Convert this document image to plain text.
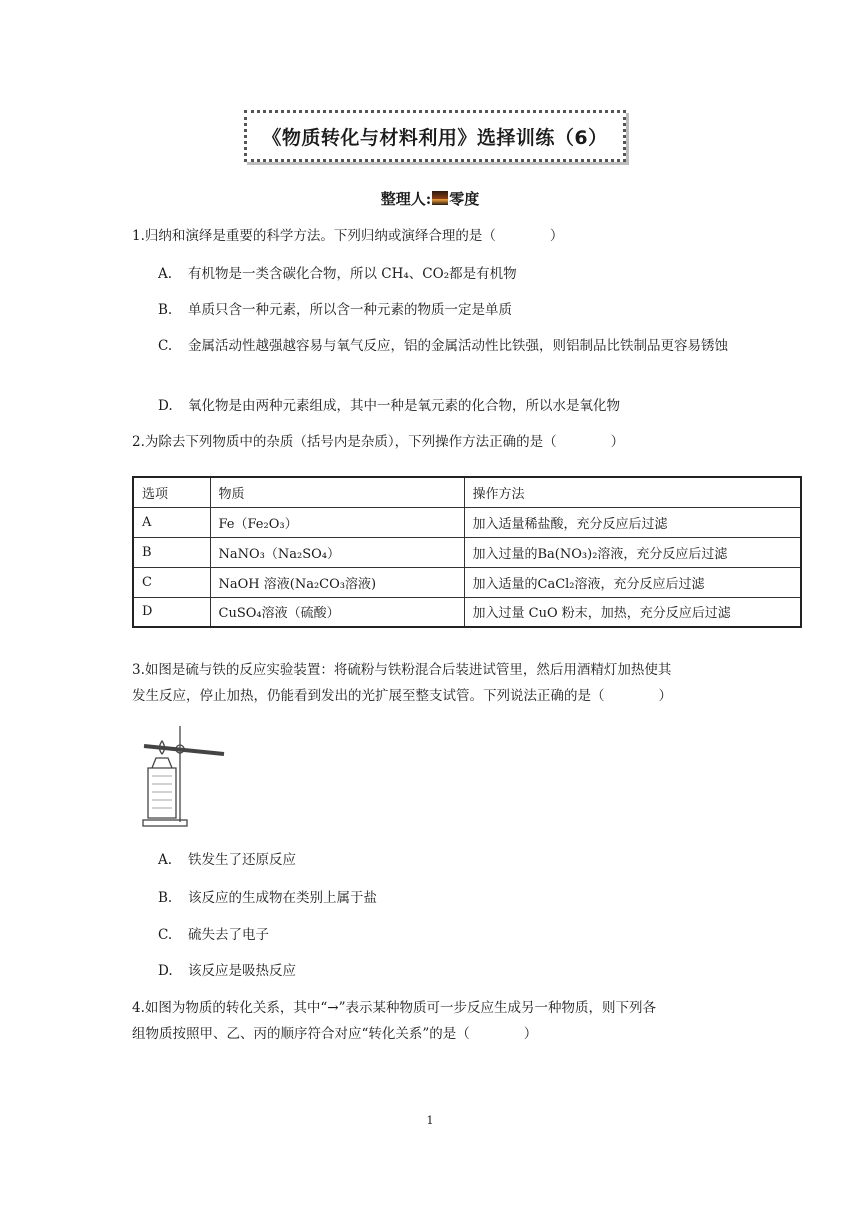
《物质转化与材料利用》选择训练（6）
整理人: 零度
1.归纳和演绎是重要的科学方法。下列归纳或演绎合理的是（　　　　）
A. 有机物是一类含碳化合物，所以 CH₄、CO₂都是有机物
B. 单质只含一种元素，所以含一种元素的物质一定是单质
C. 金属活动性越强越容易与氧气反应，铝的金属活动性比铁强，则铝制品比铁制品更容易锈蚀
D. 氧化物是由两种元素组成，其中一种是氧元素的化合物，所以水是氧化物
2.为除去下列物质中的杂质（括号内是杂质），下列操作方法正确的是（　　　　）
选项	物质	操作方法
A	Fe（Fe₂O₃）	加入适量稀盐酸，充分反应后过滤
B	NaNO₃（Na₂SO₄）	加入过量的Ba(NO₃)₂溶液，充分反应后过滤
C	NaOH 溶液(Na₂CO₃溶液)	加入适量的CaCl₂溶液，充分反应后过滤
D	CuSO₄溶液（硫酸）	加入过量 CuO 粉末，加热，充分反应后过滤
3.如图是硫与铁的反应实验装置：将硫粉与铁粉混合后装进试管里，然后用酒精灯加热使其
发生反应，停止加热，仍能看到发出的光扩展至整支试管。下列说法正确的是（　　　　）
A. 铁发生了还原反应
B. 该反应的生成物在类别上属于盐
C. 硫失去了电子
D. 该反应是吸热反应
4.如图为物质的转化关系，其中“→”表示某种物质可一步反应生成另一种物质，则下列各
组物质按照甲、乙、丙的顺序符合对应“转化关系”的是（　　　　）
1
